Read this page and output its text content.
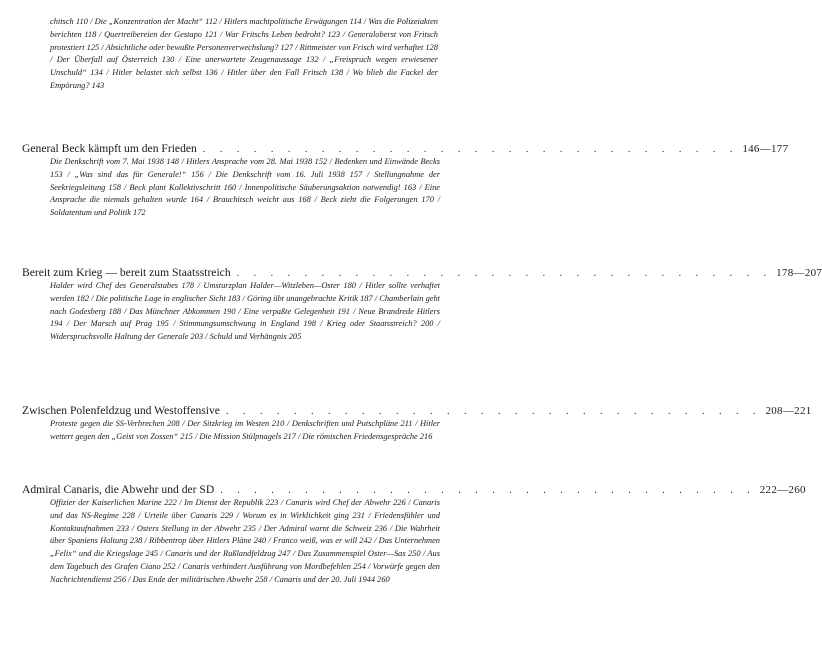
chitsch 110 / Die „Konzentration der Macht“ 112 / Hitlers machtpolitische Erwägungen 114 / Was die Polizeiakten berichten 118 / Quertreibereien der Gestapo 121 / War Fritschs Leben bedroht? 123 / Generaloberst von Fritsch protestiert 125 / Absichtliche oder bewußte Personenverwechslung? 127 / Rittmeister von Frisch wird verhaftet 128 / Der Überfall auf Österreich 130 / Eine unerwartete Zeugenaussage 132 / „Freispruch wegen erwiesener Unschuld“ 134 / Hitler belastet sich selbst 136 / Hitler über den Fall Fritsch 138 / Wo blieb die Fackel der Empörung? 143

General Beck kämpft um den Frieden . . . . . . . . . . . . . . . . . . . . . . . . . . . . . . . . 146—177

Die Denkschrift vom 7. Mai 1938 148 / Hitlers Ansprache vom 28. Mai 1938 152 / Bedenken und Einwände Becks 153 / „Was sind das für Generale!“ 156 / Die Denkschrift vom 16. Juli 1938 157 / Stellungnahme der Seekriegsleitung 158 / Beck plant Kollektivschritt 160 / Innenpolitische Säuberungsaktion notwendig! 163 / Eine Ansprache die niemals gehalten wurde 164 / Brauchitsch weicht aus 168 / Beck zieht die Folgerungen 170 / Soldatentum und Politik 172

Bereit zum Krieg — bereit zum Staatsstreich . . . . . . . . . . . . . . . . . . . . . . . . . . . . . . . . 178—207

Halder wird Chef des Generalstabes 178 / Umsturzplan Halder—Witzleben—Oster 180 / Hitler sollte verhaftet werden 182 / Die politische Lage in englischer Sicht 183 / Göring übt unangebrachte Kritik 187 / Chamberlain geht nach Godesberg 188 / Das Münchner Abkommen 190 / Eine verpaßte Gelegenheit 191 / Neue Brandrede Hitlers 194 / Der Marsch auf Prag 195 / Stimmungsumschwung in England 198 / Krieg oder Staatsstreich? 200 / Widerspruchsvolle Haltung der Generale 203 / Schuld und Verhängnis 205

Zwischen Polenfeldzug und Westoffensive . . . . . . . . . . . . . . . . . . . . . . . . . . . . . . . . 208—221

Proteste gegen die SS-Verbrechen 208 / Der Sitzkrieg im Westen 210 / Denkschriften und Putschpläne 211 / Hitler wettert gegen den „Geist von Zossen“ 215 / Die Mission Stülpnagels 217 / Die römischen Friedensgespräche 216

Admiral Canaris, die Abwehr und der SD . . . . . . . . . . . . . . . . . . . . . . . . . . . . . . . . 222—260

Offizier der Kaiserlichen Marine 222 / Im Dienst der Republik 223 / Canaris wird Chef der Abwehr 226 / Canaris und das NS-Regime 228 / Urteile über Canaris 229 / Worum es in Wirklichkeit ging 231 / Friedensfühler und Kontaktaufnahmen 233 / Osters Stellung in der Abwehr 235 / Der Admiral warnt die Schweiz 236 / Die Wahrheit über Spaniens Haltung 238 / Ribbentrop über Hitlers Pläne 240 / Franco weiß, was er will 242 / Das Unternehmen „Felix“ und die Kriegslage 245 / Canaris und der Rußlandfeldzug 247 / Das Zusammenspiel Oster—Sas 250 / Aus dem Tagebuch des Grafen Ciano 252 / Canaris verhindert Ausführung von Mordbefehlen 254 / Vorwürfe gegen den Nachrichtendienst 256 / Das Ende der militärischen Abwehr 258 / Canaris und der 20. Juli 1944 260
